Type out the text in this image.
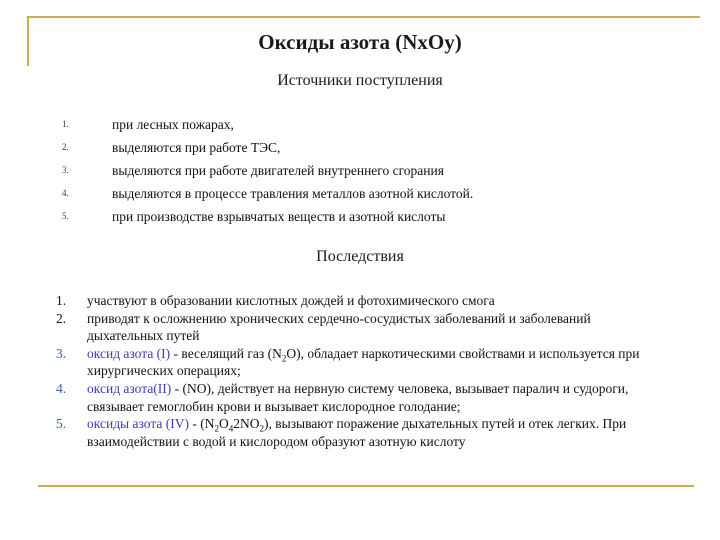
Оксиды азота (NxOy)
Источники поступления
1.	при лесных пожарах,
2.	выделяются при работе ТЭС,
3.	выделяются при работе двигателей внутреннего сгорания
4.	выделяются в процессе травления металлов азотной кислотой.
5.	при производстве взрывчатых веществ и азотной кислоты
Последствия
1. участвуют в образовании кислотных дождей и фотохимического смога
2. приводят к осложнению хронических сердечно-сосудистых заболеваний и заболеваний дыхательных путей
3. оксид азота (I) - веселящий газ $(N_2O)$, обладает наркотическими свойствами и используется при хирургических операциях;
4. оксид азота(II) - (NO), действует на нервную систему человека, вызывает паралич и судороги, связывает гемоглобин крови и вызывает кислородное голодание;
5. оксиды азота $(IV) - (N_2O_42NO_2)$, вызывают поражение дыхательных путей и отек легких. При взаимодействии с водой и кислородом образуют азотную кислоту
